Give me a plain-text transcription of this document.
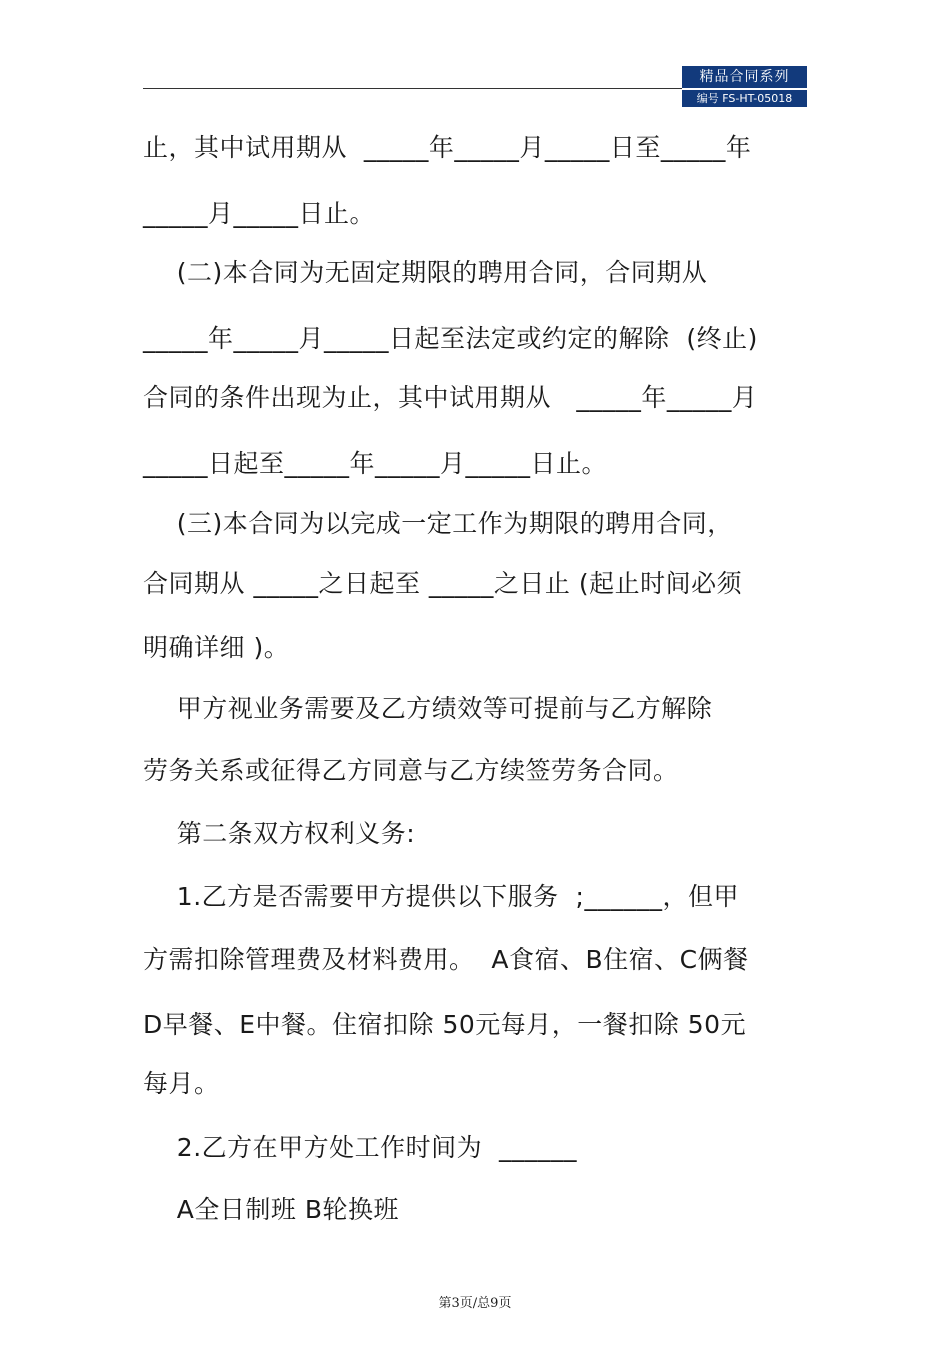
精品合同系列
编号 FS-HT-05018
止，其中试用期从  _____年_____月_____日至_____年
_____月_____日止。
(二)本合同为无固定期限的聘用合同，合同期从
_____年_____月_____日起至法定或约定的解除  (终止)
合同的条件出现为止，其中试用期从   _____年_____月
_____日起至_____年_____月_____日止。
(三)本合同为以完成一定工作为期限的聘用合同，
合同期从 _____之日起至 _____之日止 (起止时间必须
明确详细 )。
甲方视业务需要及乙方绩效等可提前与乙方解除
劳务关系或征得乙方同意与乙方续签劳务合同。
第二条双方权利义务:
1.乙方是否需要甲方提供以下服务  ;______，但甲
方需扣除管理费及材料费用。  A食宿、B住宿、C俩餐
D早餐、E中餐。住宿扣除 50元每月，一餐扣除 50元
每月。
2.乙方在甲方处工作时间为  ______
A全日制班 B轮换班
第3页/总9页
